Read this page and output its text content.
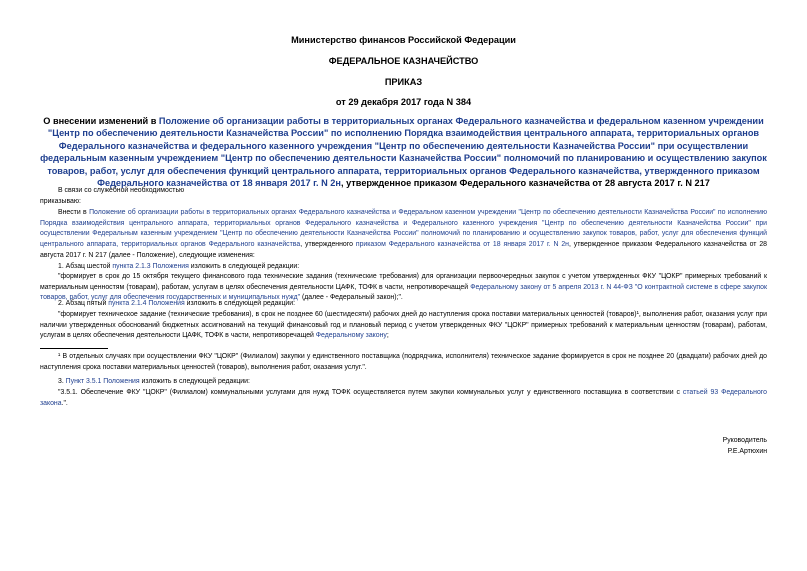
Министерство финансов Российской Федерации
ФЕДЕРАЛЬНОЕ КАЗНАЧЕЙСТВО
ПРИКАЗ
от 29 декабря 2017 года N 384
О внесении изменений в Положение об организации работы в территориальных органах Федерального казначейства и федеральном казенном учреждении "Центр по обеспечению деятельности Казначейства России" по исполнению Порядка взаимодействия центрального аппарата, территориальных органов Федерального казначейства и федерального казенного учреждения "Центр по обеспечению деятельности Казначейства России" при осуществлении федеральным казенным учреждением "Центр по обеспечению деятельности Казначейства России" полномочий по планированию и осуществлению закупок товаров, работ, услуг для обеспечения функций центрального аппарата, территориальных органов Федерального казначейства, утвержденного приказом Федерального казначейства от 18 января 2017 г. N 2н, утвержденное приказом Федерального казначейства от 28 августа 2017 г. N 217
В связи со служебной необходимостью
приказываю:
Внести в Положение об организации работы в территориальных органах Федерального казначейства и Федеральном казенном учреждении "Центр по обеспечению деятельности Казначейства России" по исполнению Порядка взаимодействия центрального аппарата, территориальных органов Федерального казначейства и Федерального казенного учреждения "Центр по обеспечению деятельности Казначейства России" при осуществлении Федеральным казенным учреждением "Центр по обеспечению деятельности Казначейства России" полномочий по планированию и осуществлению закупок товаров, работ, услуг для обеспечения функций центрального аппарата, территориальных органов Федерального казначейства, утвержденного приказом Федерального казначейства от 18 января 2017 г. N 2н, утвержденное приказом Федерального казначейства от 28 августа 2017 г. N 217 (далее - Положение), следующие изменения:
1. Абзац шестой пункта 2.1.3 Положения изложить в следующей редакции:
"формирует в срок до 15 октября текущего финансового года технические задания (технические требования) для организации первоочередных закупок с учетом утвержденных ФКУ "ЦОКР" примерных требований к материальным ценностям (товарам), работам, услугам в целях обеспечения деятельности ЦАФК, ТОФК в части, непротиворечащей Федеральному закону от 5 апреля 2013 г. N 44-ФЗ "О контрактной системе в сфере закупок товаров, работ, услуг для обеспечения государственных и муниципальных нужд" (далее - Федеральный закон);".
2. Абзац пятый пункта 2.1.4 Положения изложить в следующей редакции:
"формирует техническое задание (технические требования), в срок не позднее 60 (шестидесяти) рабочих дней до наступления срока поставки материальных ценностей (товаров)¹, выполнения работ, оказания услуг при наличии утвержденных обоснований бюджетных ассигнований на текущий финансовый год и плановый период с учетом утвержденных ФКУ "ЦОКР" примерных требований к материальным ценностям (товарам), работам, услугам в целях обеспечения деятельности ЦАФК, ТОФК в части, непротиворечащей Федеральному закону;
¹ В отдельных случаях при осуществлении ФКУ "ЦОКР" (Филиалом) закупки у единственного поставщика (подрядчика, исполнителя) техническое задание формируется в срок не позднее 20 (двадцати) рабочих дней до наступления срока поставки материальных ценностей (товаров), выполнения работ, оказания услуг.".
3. Пункт 3.5.1 Положения изложить в следующей редакции:
"3.5.1. Обеспечение ФКУ "ЦОКР" (Филиалом) коммунальными услугами для нужд ТОФК осуществляется путем закупки коммунальных услуг у единственного поставщика в соответствии с статьей 93 Федерального закона.".
Руководитель
Р.Е.Артюхин
